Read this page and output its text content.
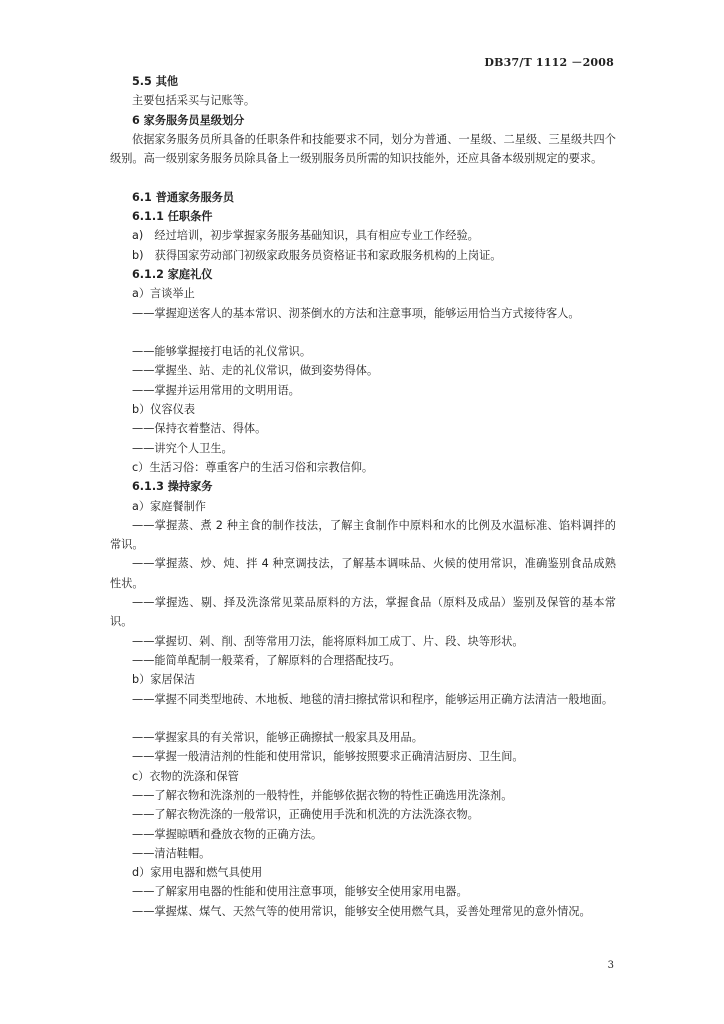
DB37/T 1112 －2008
5.5 其他
主要包括采买与记账等。
6 家务服务员星级划分
依据家务服务员所具备的任职条件和技能要求不同，划分为普通、一星级、二星级、三星级共四个级别。高一级别家务服务员除具备上一级别服务员所需的知识技能外，还应具备本级别规定的要求。
6.1 普通家务服务员
6.1.1 任职条件
a)　经过培训，初步掌握家务服务基础知识，具有相应专业工作经验。
b)　获得国家劳动部门初级家政服务员资格证书和家政服务机构的上岗证。
6.1.2 家庭礼仪
a）言谈举止
——掌握迎送客人的基本常识、沏茶倒水的方法和注意事项，能够运用恰当方式接待客人。
——能够掌握接打电话的礼仪常识。
——掌握坐、站、走的礼仪常识，做到姿势得体。
——掌握并运用常用的文明用语。
b）仪容仪表
——保持衣着整洁、得体。
——讲究个人卫生。
c）生活习俗：尊重客户的生活习俗和宗教信仰。
6.1.3 操持家务
a）家庭餐制作
——掌握蒸、煮 2 种主食的制作技法，了解主食制作中原料和水的比例及水温标准、馅料调拌的常识。
——掌握蒸、炒、炖、拌 4 种烹调技法，了解基本调味品、火候的使用常识，准确鉴别食品成熟性状。
——掌握选、剔、择及洗涤常见菜品原料的方法，掌握食品（原料及成品）鉴别及保管的基本常识。
——掌握切、剁、削、刮等常用刀法，能将原料加工成丁、片、段、块等形状。
——能简单配制一般菜肴，了解原料的合理搭配技巧。
b）家居保洁
——掌握不同类型地砖、木地板、地毯的清扫擦拭常识和程序，能够运用正确方法清洁一般地面。
——掌握家具的有关常识，能够正确擦拭一般家具及用品。
——掌握一般清洁剂的性能和使用常识，能够按照要求正确清洁厨房、卫生间。
c）衣物的洗涤和保管
——了解衣物和洗涤剂的一般特性，并能够依据衣物的特性正确选用洗涤剂。
——了解衣物洗涤的一般常识，正确使用手洗和机洗的方法洗涤衣物。
——掌握晾晒和叠放衣物的正确方法。
——清洁鞋帽。
d）家用电器和燃气具使用
——了解家用电器的性能和使用注意事项，能够安全使用家用电器。
——掌握煤、煤气、天然气等的使用常识，能够安全使用燃气具，妥善处理常见的意外情况。
3
